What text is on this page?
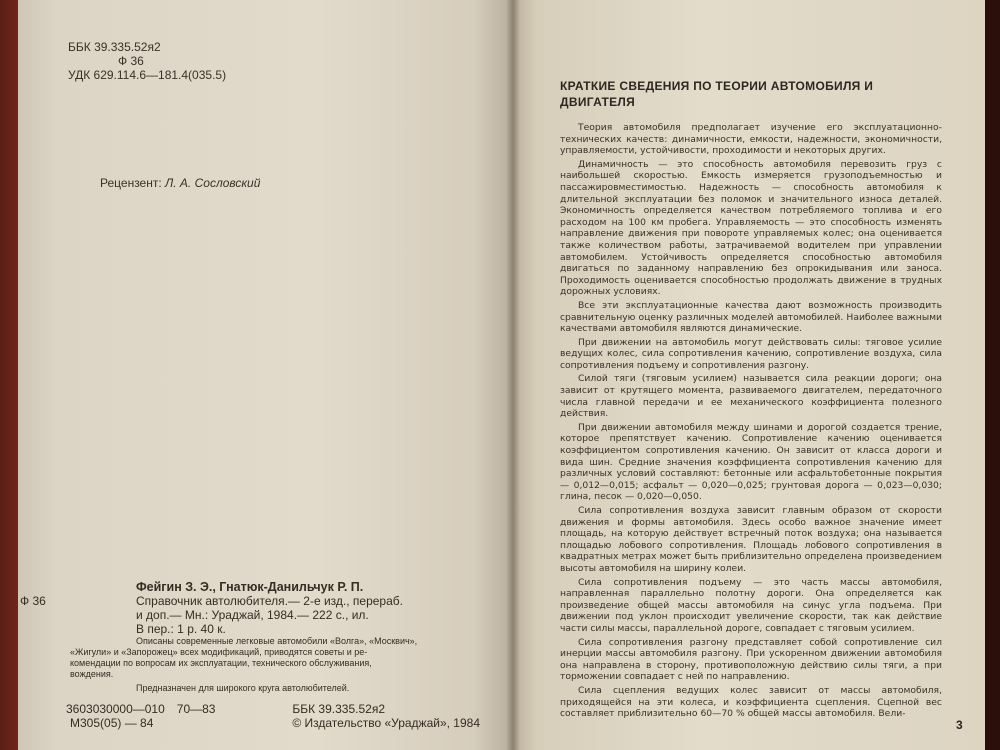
ББК 39.335.52я2
Ф 36
УДК 629.114.6—181.4(035.5)
Рецензент: Л. А. Сословский
Фейгин З. Э., Гнатюк-Данильчук Р. П.
Ф 36	Справочник автолюбителя.— 2-е изд., перераб.
и доп.— Мн.: Ураджай, 1984.— 222 с., ил.
В пер.: 1 р. 40 к.
Описаны современные легковые автомобили «Волга», «Москвич»,
«Жигули» и «Запорожец» всех модификаций, приводятся советы и ре-
комендации по вопросам их эксплуатации, технического обслуживания,
вождения.
Предназначен для широкого круга автолюбителей.
3603030000—010 70—83
М305(05) — 84
ББК 39.335.52я2
© Издательство «Ураджай», 1984
КРАТКИЕ СВЕДЕНИЯ ПО ТЕОРИИ АВТОМОБИЛЯ И ДВИГАТЕЛЯ

Теория автомобиля предполагает изучение его эксплуатационно-технических качеств: динамичности, емкости, надежности, экономичности, управляемости, устойчивости, проходимости и некоторых других.

Динамичность — это способность автомобиля перевозить груз с наибольшей скоростью. Емкость измеряется грузоподъемностью и пассажировместимостью. Надежность — способность автомобиля к длительной эксплуатации без поломок и значительного износа деталей. Экономичность определяется качеством потребляемого топлива и его расходом на 100 км пробега. Управляемость — это способность изменять направление движения при повороте управляемых колес; она оценивается также количеством работы, затрачиваемой водителем при управлении автомобилем. Устойчивость определяется способностью автомобиля двигаться по заданному направлению без опрокидывания или заноса. Проходимость оценивается способностью продолжать движение в трудных дорожных условиях.

Все эти эксплуатационные качества дают возможность производить сравнительную оценку различных моделей автомобилей. Наиболее важными качествами автомобиля являются динамические.

При движении на автомобиль могут действовать силы: тяговое усилие ведущих колес, сила сопротивления качению, сопротивление воздуха, сила сопротивления подъему и сопротивления разгону.

Силой тяги (тяговым усилием) называется сила реакции дороги; она зависит от крутящего момента, развиваемого двигателем, передаточного числа главной передачи и ее механического коэффициента полезного действия.

При движении автомобиля между шинами и дорогой создается трение, которое препятствует качению. Сопротивление качению оценивается коэффициентом сопротивления качению. Он зависит от класса дороги и вида шин. Средние значения коэффициента сопротивления качению для различных условий составляют: бетонные или асфальтобетонные покрытия — 0,012—0,015; асфальт — 0,020—0,025; грунтовая дорога — 0,023—0,030; глина, песок — 0,020—0,050.

Сила сопротивления воздуха зависит главным образом от скорости движения и формы автомобиля. Здесь особо важное значение имеет площадь, на которую действует встречный поток воздуха; она называется площадью лобового сопротивления. Площадь лобового сопротивления в квадратных метрах может быть приблизительно определена произведением высоты автомобиля на ширину колеи.

Сила сопротивления подъему — это часть массы автомобиля, направленная параллельно полотну дороги. Она определяется как произведение общей массы автомобиля на синус угла подъема. При движении под уклон происходит увеличение скорости, так как действие части силы массы, параллельной дороге, совпадает с тяговым усилием.

Сила сопротивления разгону представляет собой сопротивление сил инерции массы автомобиля разгону. При ускоренном движении автомобиля она направлена в сторону, противоположную действию силы тяги, а при торможении совпадает с ней по направлению.

Сила сцепления ведущих колес зависит от массы автомобиля, приходящейся на эти колеса, и коэффициента сцепления. Сцепной вес составляет приблизительно 60—70 % общей массы автомобиля. Вели-

3
